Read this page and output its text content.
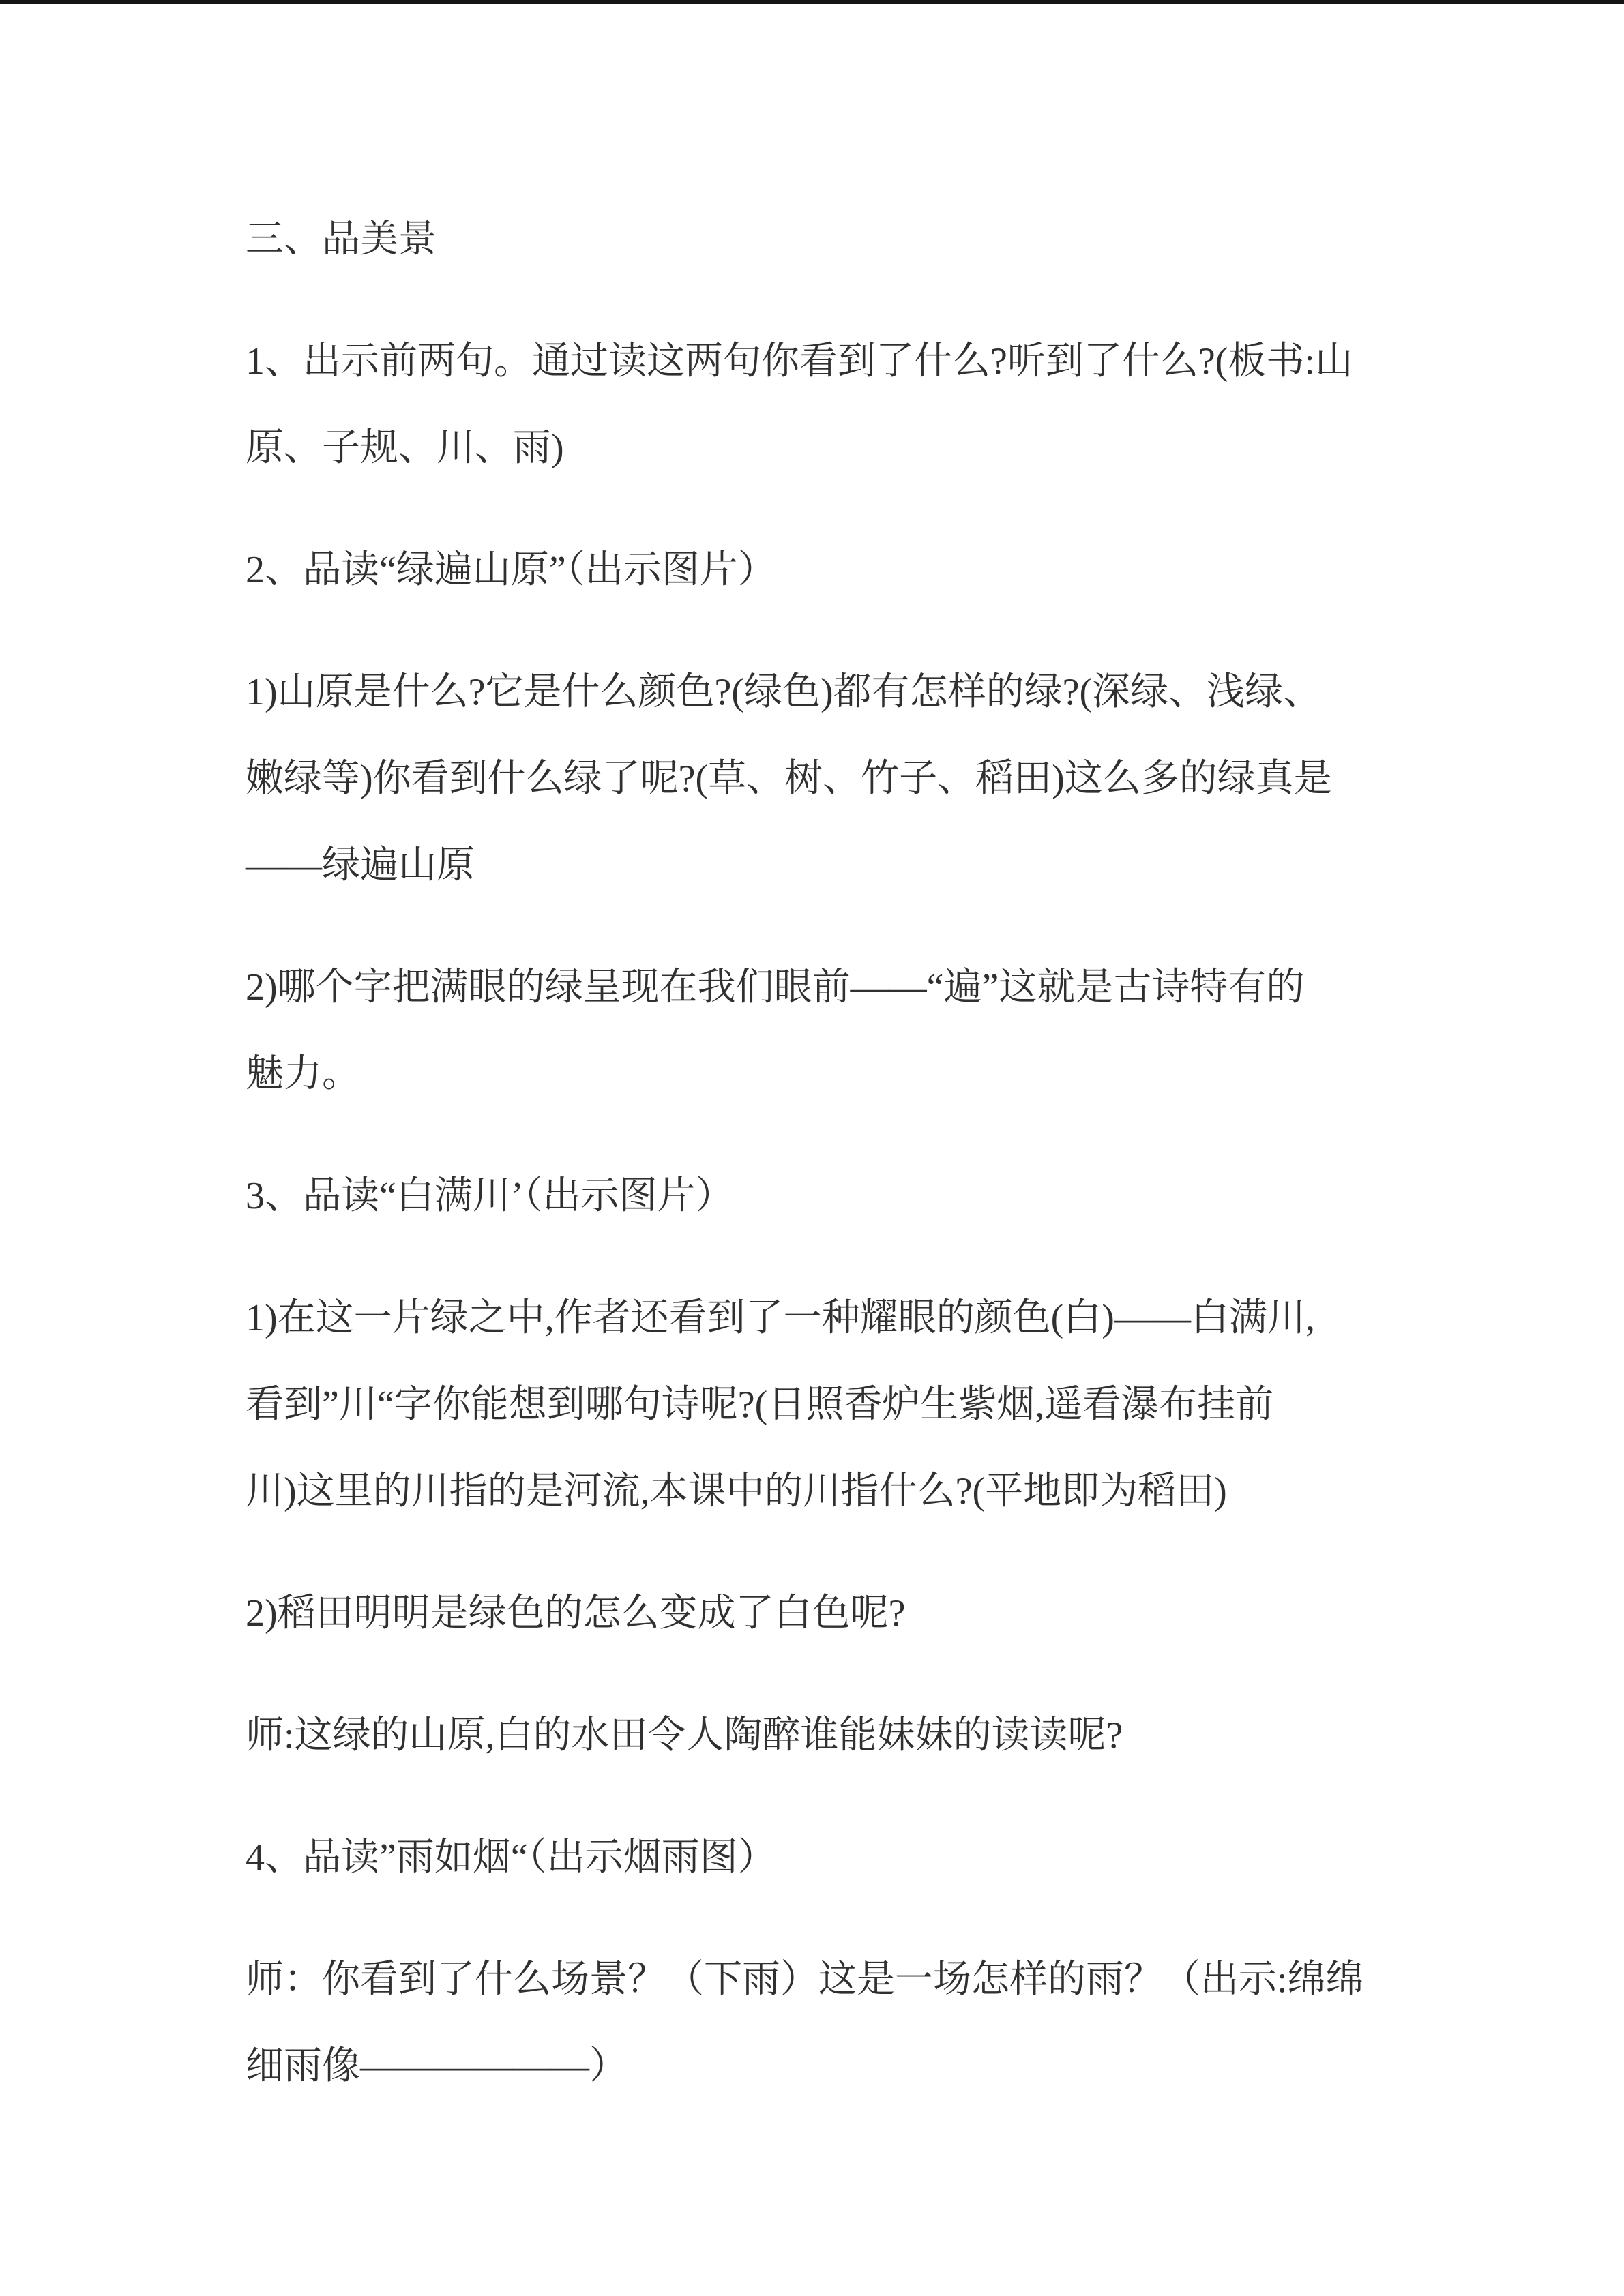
三、品美景

1、出示前两句。通过读这两句你看到了什么?听到了什么?(板书:山
原、子规、川、雨)

2、品读“绿遍山原”（出示图片）

1)山原是什么?它是什么颜色?(绿色)都有怎样的绿?(深绿、浅绿、
嫩绿等)你看到什么绿了呢?(草、树、竹子、稻田)这么多的绿真是
——绿遍山原

2)哪个字把满眼的绿呈现在我们眼前——“遍”这就是古诗特有的
魅力。

3、品读“白满川’（出示图片）

1)在这一片绿之中,作者还看到了一种耀眼的颜色(白)——白满川,
看到”川“字你能想到哪句诗呢?(日照香炉生紫烟,遥看瀑布挂前
川)这里的川指的是河流,本课中的川指什么?(平地即为稻田)

2)稻田明明是绿色的怎么变成了白色呢?

师:这绿的山原,白的水田令人陶醉谁能妹妹的读读呢?

4、品读”雨如烟“（出示烟雨图）

师：你看到了什么场景？（下雨）这是一场怎样的雨？（出示:绵绵
细雨像——————）
